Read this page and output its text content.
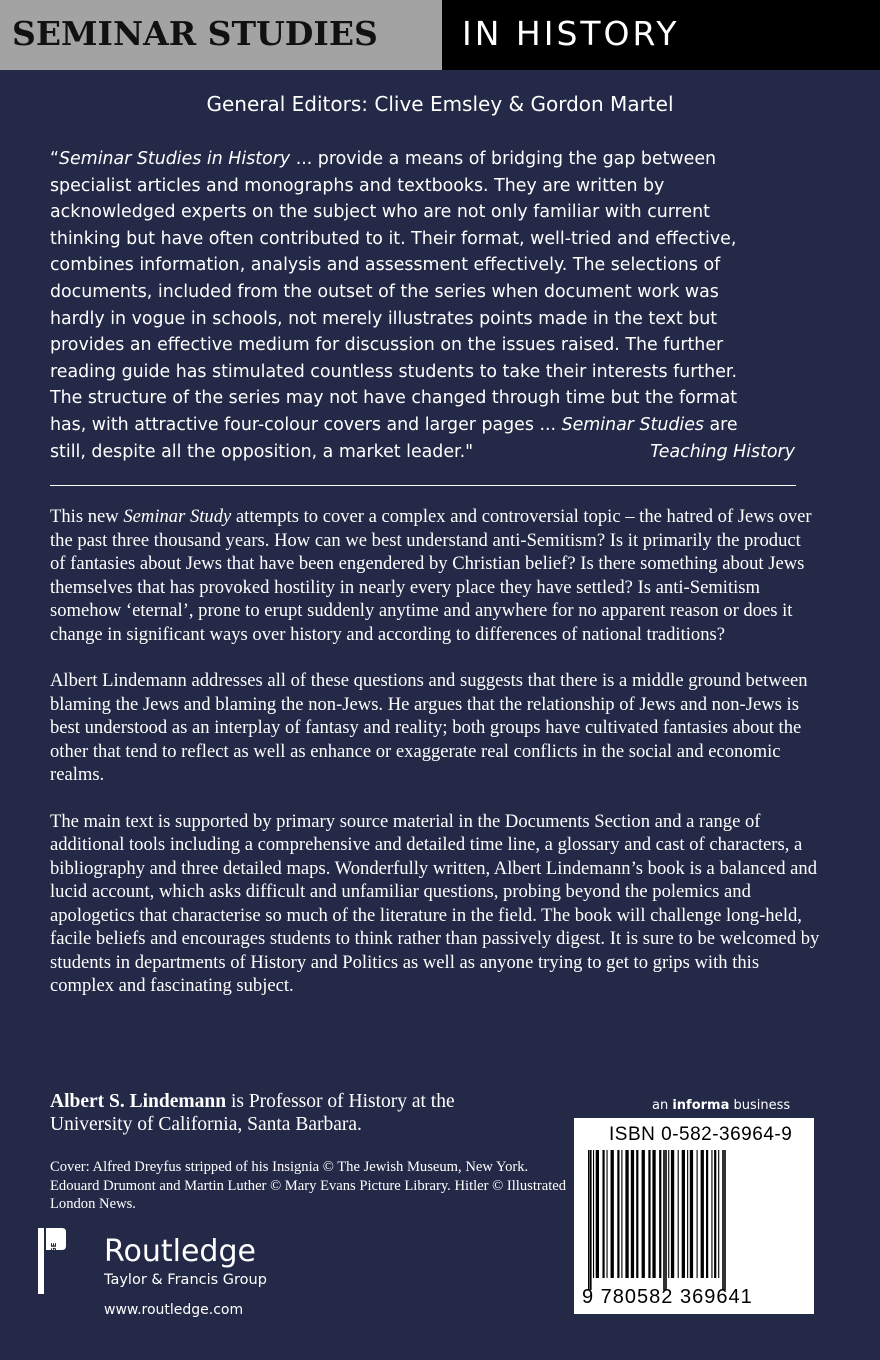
SEMINAR STUDIES	IN HISTORY
General Editors: Clive Emsley & Gordon Martel
“Seminar Studies in History ... provide a means of bridging the gap between
specialist articles and monographs and textbooks. They are written by
acknowledged experts on the subject who are not only familiar with current
thinking but have often contributed to it. Their format, well-tried and effective,
combines information, analysis and assessment effectively. The selections of
documents, included from the outset of the series when document work was
hardly in vogue in schools, not merely illustrates points made in the text but
provides an effective medium for discussion on the issues raised. The further
reading guide has stimulated countless students to take their interests further.
The structure of the series may not have changed through time but the format
has, with attractive four-colour covers and larger pages ... Seminar Studies are
still, despite all the opposition, a market leader."	Teaching History

This new Seminar Study attempts to cover a complex and controversial topic – the hatred of Jews over the past three thousand years. How can we best understand anti-Semitism? Is it primarily the product of fantasies about Jews that have been engendered by Christian belief? Is there something about Jews themselves that has provoked hostility in nearly every place they have settled? Is anti-Semitism somehow ‘eternal’, prone to erupt suddenly anytime and anywhere for no apparent reason or does it change in significant ways over history and according to differences of national traditions?

Albert Lindemann addresses all of these questions and suggests that there is a middle ground between blaming the Jews and blaming the non-Jews. He argues that the relationship of Jews and non-Jews is best understood as an interplay of fantasy and reality; both groups have cultivated fantasies about the other that tend to reflect as well as enhance or exaggerate real conflicts in the social and economic realms.

The main text is supported by primary source material in the Documents Section and a range of additional tools including a comprehensive and detailed time line, a glossary and cast of characters, a bibliography and three detailed maps. Wonderfully written, Albert Lindemann’s book is a balanced and lucid account, which asks difficult and unfamiliar questions, probing beyond the polemics and apologetics that characterise so much of the literature in the field. The book will challenge long-held, facile beliefs and encourages students to think rather than passively digest. It is sure to be welcomed by students in departments of History and Politics as well as anyone trying to get to grips with this complex and fascinating subject.

Albert S. Lindemann is Professor of History at the University of California, Santa Barbara.
Cover: Alfred Dreyfus stripped of his Insignia © The Jewish Museum, New York. Edouard Drumont and Martin Luther © Mary Evans Picture Library. Hitler © Illustrated London News.
an informa business
ISBN 0-582-36964-9
9 780582 369641
ROUTLEDGE Routledge
Taylor & Francis Group
www.routledge.com
